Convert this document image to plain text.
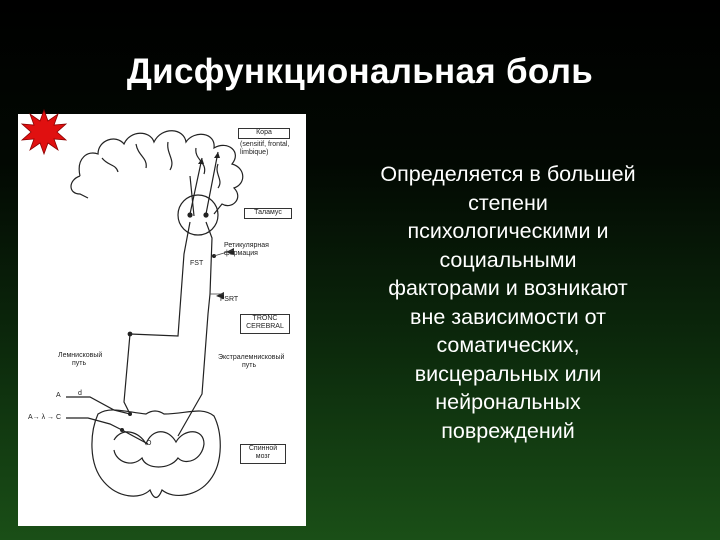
Дисфункциональная боль
Кора
(sensitif, frontal,
limbique)
Таламус
Ретикулярная
формация
FST
FSRT
TRONC
CEREBRAL
Лемнисковый
путь
Экстралемнисковый
путь
A d
A→ λ → C
O
Спинной
мозг
Определяется в большей
степени
психологическими и
социальными
факторами и возникают
вне зависимости от
соматических,
висцеральных или
нейрональных
повреждений
